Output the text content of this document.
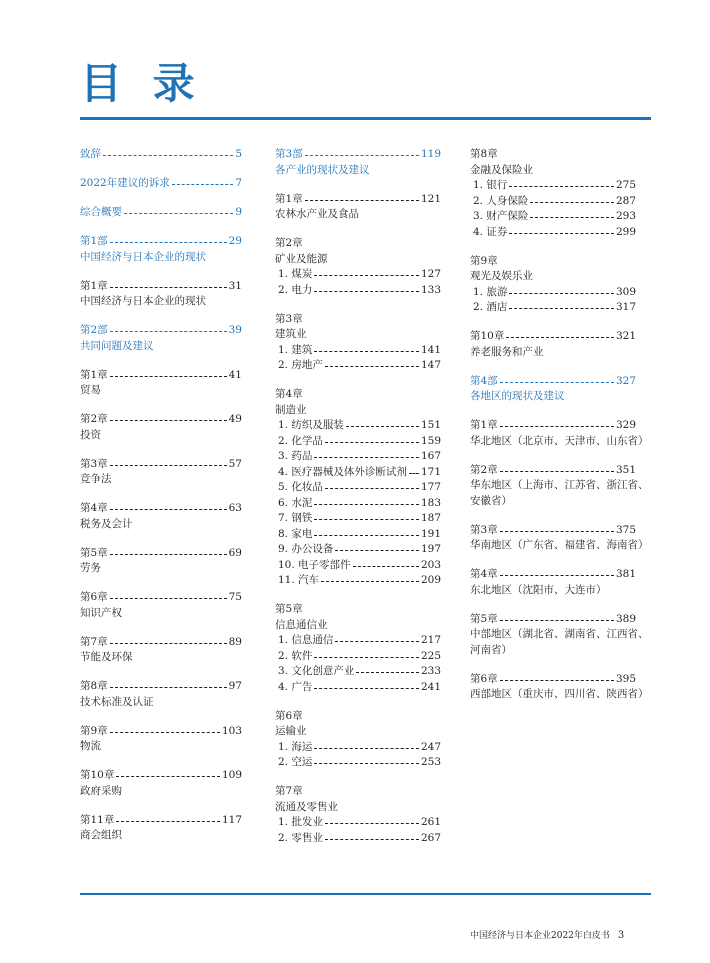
目 录
致辞	5
2022年建议的诉求	7
综合概要	9
第1部	29
中国经济与日本企业的现状
第1章	31
中国经济与日本企业的现状
第2部	39
共同问题及建议
第1章	41
贸易
第2章	49
投资
第3章	57
竞争法
第4章	63
税务及会计
第5章	69
劳务
第6章	75
知识产权
第7章	89
节能及环保
第8章	97
技术标准及认证
第9章	103
物流
第10章	109
政府采购
第11章	117
商会组织
第3部	119
各产业的现状及建议
第1章	121
农林水产业及食品
第2章
矿业及能源
1. 煤炭	127
2. 电力	133
第3章
建筑业
1. 建筑	141
2. 房地产	147
第4章
制造业
1. 纺织及服装	151
2. 化学品	159
3. 药品	167
4. 医疗器械及体外诊断试剂 171
5. 化妆品	177
6. 水泥	183
7. 钢铁	187
8. 家电	191
9. 办公设备	197
10. 电子零部件	203
11. 汽车	209
第5章
信息通信业
1. 信息通信	217
2. 软件	225
3. 文化创意产业	233
4. 广告	241
第6章
运输业
1. 海运	247
2. 空运	253
第7章
流通及零售业
1. 批发业	261
2. 零售业	267
第8章
金融及保险业
1. 银行	275
2. 人身保险	287
3. 财产保险	293
4. 证券	299
第9章
观光及娱乐业
1. 旅游	309
2. 酒店	317
第10章	321
养老服务和产业
第4部	327
各地区的现状及建议
第1章	329
华北地区（北京市、天津市、山东省）
第2章	351
华东地区（上海市、江苏省、浙江省、
安徽省）
第3章	375
华南地区（广东省、福建省、海南省）
第4章	381
东北地区（沈阳市、大连市）
第5章	389
中部地区（湖北省、湖南省、江西省、
河南省）
第6章	395
西部地区（重庆市、四川省、陕西省）
中国经济与日本企业2022年白皮书 3
